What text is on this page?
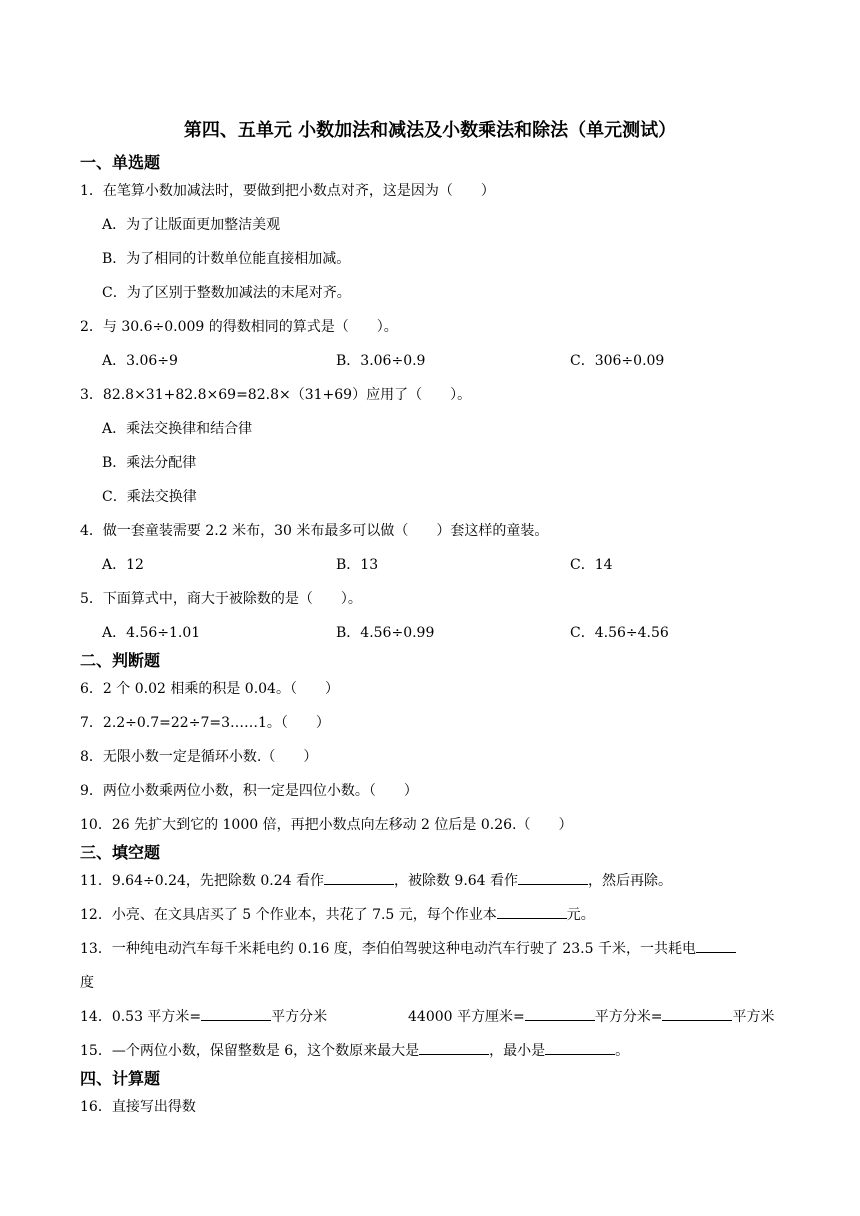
第四、五单元 小数加法和减法及小数乘法和除法（单元测试）
一、单选题
1．在笔算小数加减法时，要做到把小数点对齐，这是因为（　　）
A．为了让版面更加整洁美观
B．为了相同的计数单位能直接相加减。
C．为了区别于整数加减法的末尾对齐。
2．与 30.6÷0.009 的得数相同的算式是（　　）。
A．3.06÷9	B．3.06÷0.9	C．306÷0.09
3．82.8×31+82.8×69=82.8×（31+69）应用了（　　）。
A．乘法交换律和结合律
B．乘法分配律
C．乘法交换律
4．做一套童装需要 2.2 米布，30 米布最多可以做（　　）套这样的童装。
A．12	B．13	C．14
5．下面算式中，商大于被除数的是（　　）。
A．4.56÷1.01	B．4.56÷0.99	C．4.56÷4.56
二、判断题
6．2 个 0.02 相乘的积是 0.04。（　　）
7．2.2÷0.7=22÷7=3……1。（　　）
8．无限小数一定是循环小数.（　　）
9．两位小数乘两位小数，积一定是四位小数。（　　）
10．26 先扩大到它的 1000 倍，再把小数点向左移动 2 位后是 0.26.（　　）
三、填空题
11．9.64÷0.24，先把除数 0.24 看作	，被除数 9.64 看作	，然后再除。
12．小亮、在文具店买了 5 个作业本，共花了 7.5 元，每个作业本	元。
13．一种纯电动汽车每千米耗电约 0.16 度，李伯伯驾驶这种电动汽车行驶了 23.5 千米，一共耗电
度
14．0.53 平方米=	平方分米	44000 平方厘米=	平方分米=	平方米
15．—个两位小数，保留整数是 6，这个数原来最大是	，最小是	。
四、计算题
16．直接写出得数
